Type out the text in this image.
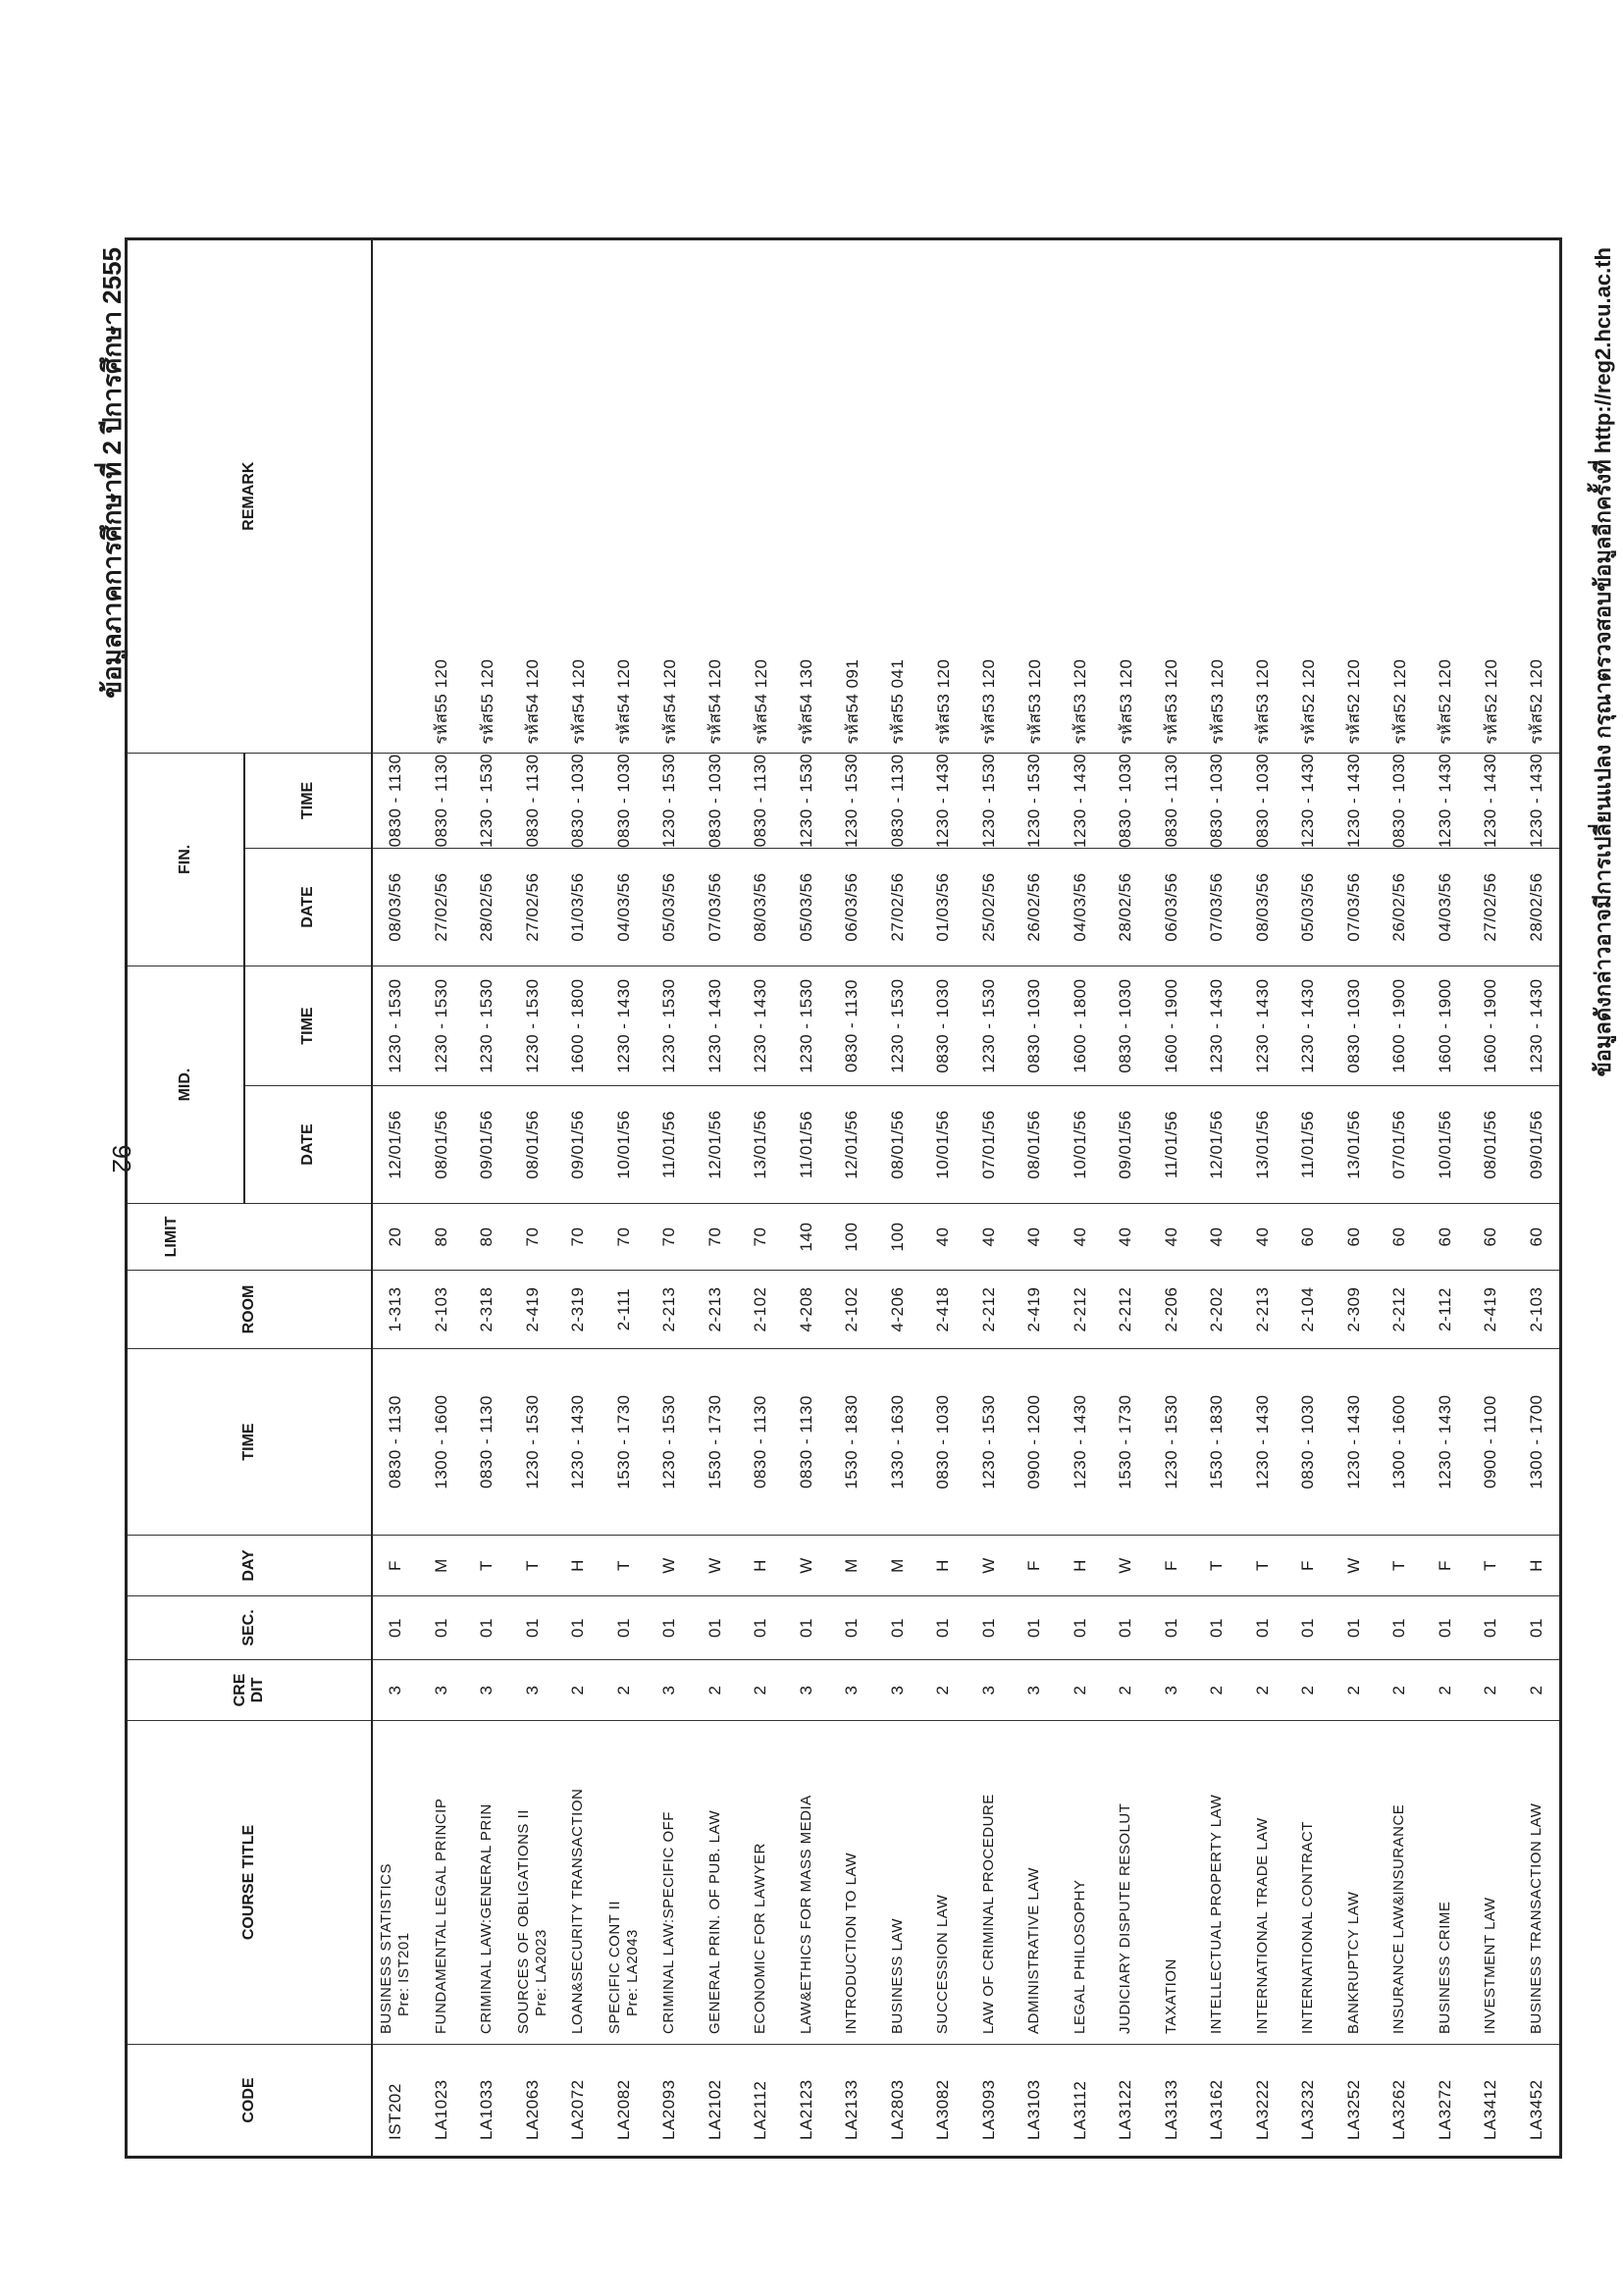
92
ข้อมูลภาคการศึกษาที่ 2 ปีการศึกษา 2555
CODE	COURSE TITLE	CRE DIT	SEC.	DAY	TIME	ROOM	LIMIT	MID.		FIN.		REMARK
								DATE	TIME	DATE	TIME	
IST202	BUSINESS STATISTICS Pre: IST201	3	01	F	0830 - 1130	1-313	20	12/01/56	1230 - 1530	08/03/56	0830 - 1130	
LA1023	FUNDAMENTAL LEGAL PRINCIP	3	01	M	1300 - 1600	2-103	80	08/01/56	1230 - 1530	27/02/56	0830 - 1130	รหัส55 120
LA1033	CRIMINAL LAW:GENERAL PRIN	3	01	T	0830 - 1130	2-318	80	09/01/56	1230 - 1530	28/02/56	1230 - 1530	รหัส55 120
LA2063	SOURCES OF OBLIGATIONS II Pre: LA2023	3	01	T	1230 - 1530	2-419	70	08/01/56	1230 - 1530	27/02/56	0830 - 1130	รหัส54 120
LA2072	LOAN&SECURITY TRANSACTION	2	01	H	1230 - 1430	2-319	70	09/01/56	1600 - 1800	01/03/56	0830 - 1030	รหัส54 120
LA2082	SPECIFIC CONT II Pre: LA2043	2	01	T	1530 - 1730	2-111	70	10/01/56	1230 - 1430	04/03/56	0830 - 1030	รหัส54 120
LA2093	CRIMINAL LAW:SPECIFIC OFF	3	01	W	1230 - 1530	2-213	70	11/01/56	1230 - 1530	05/03/56	1230 - 1530	รหัส54 120
LA2102	GENERAL PRIN. OF PUB. LAW	2	01	W	1530 - 1730	2-213	70	12/01/56	1230 - 1430	07/03/56	0830 - 1030	รหัส54 120
LA2112	ECONOMIC FOR LAWYER	2	01	H	0830 - 1130	2-102	70	13/01/56	1230 - 1430	08/03/56	0830 - 1130	รหัส54 120
LA2123	LAW&ETHICS FOR MASS MEDIA	3	01	W	0830 - 1130	4-208	140	11/01/56	1230 - 1530	05/03/56	1230 - 1530	รหัส54 130
LA2133	INTRODUCTION TO LAW	3	01	M	1530 - 1830	2-102	100	12/01/56	0830 - 1130	06/03/56	1230 - 1530	รหัส54 091
LA2803	BUSINESS LAW	3	01	M	1330 - 1630	4-206	100	08/01/56	1230 - 1530	27/02/56	0830 - 1130	รหัส55 041
LA3082	SUCCESSION LAW	2	01	H	0830 - 1030	2-418	40	10/01/56	0830 - 1030	01/03/56	1230 - 1430	รหัส53 120
LA3093	LAW OF CRIMINAL PROCEDURE	3	01	W	1230 - 1530	2-212	40	07/01/56	1230 - 1530	25/02/56	1230 - 1530	รหัส53 120
LA3103	ADMINISTRATIVE LAW	3	01	F	0900 - 1200	2-419	40	08/01/56	0830 - 1030	26/02/56	1230 - 1530	รหัส53 120
LA3112	LEGAL PHILOSOPHY	2	01	H	1230 - 1430	2-212	40	10/01/56	1600 - 1800	04/03/56	1230 - 1430	รหัส53 120
LA3122	JUDICIARY DISPUTE RESOLUT	2	01	W	1530 - 1730	2-212	40	09/01/56	0830 - 1030	28/02/56	0830 - 1030	รหัส53 120
LA3133	TAXATION	3	01	F	1230 - 1530	2-206	40	11/01/56	1600 - 1900	06/03/56	0830 - 1130	รหัส53 120
LA3162	INTELLECTUAL PROPERTY LAW	2	01	T	1530 - 1830	2-202	40	12/01/56	1230 - 1430	07/03/56	0830 - 1030	รหัส53 120
LA3222	INTERNATIONAL TRADE LAW	2	01	T	1230 - 1430	2-213	40	13/01/56	1230 - 1430	08/03/56	0830 - 1030	รหัส53 120
LA3232	INTERNATIONAL CONTRACT	2	01	F	0830 - 1030	2-104	60	11/01/56	1230 - 1430	05/03/56	1230 - 1430	รหัส52 120
LA3252	BANKRUPTCY LAW	2	01	W	1230 - 1430	2-309	60	13/01/56	0830 - 1030	07/03/56	1230 - 1430	รหัส52 120
LA3262	INSURANCE LAW&INSURANCE	2	01	T	1300 - 1600	2-212	60	07/01/56	1600 - 1900	26/02/56	0830 - 1030	รหัส52 120
LA3272	BUSINESS CRIME	2	01	F	1230 - 1430	2-112	60	10/01/56	1600 - 1900	04/03/56	1230 - 1430	รหัส52 120
LA3412	INVESTMENT LAW	2	01	T	0900 - 1100	2-419	60	08/01/56	1600 - 1900	27/02/56	1230 - 1430	รหัส52 120
LA3452	BUSINESS TRANSACTION LAW	2	01	H	1300 - 1700	2-103	60	09/01/56	1230 - 1430	28/02/56	1230 - 1430	รหัส52 120 ข้อมูลดังกล่าวอาจมีการเปลี่ยนแปลง กรุณาตรวจสอบข้อมูลอีกครั้งที่ http://reg2.hcu.ac.th
